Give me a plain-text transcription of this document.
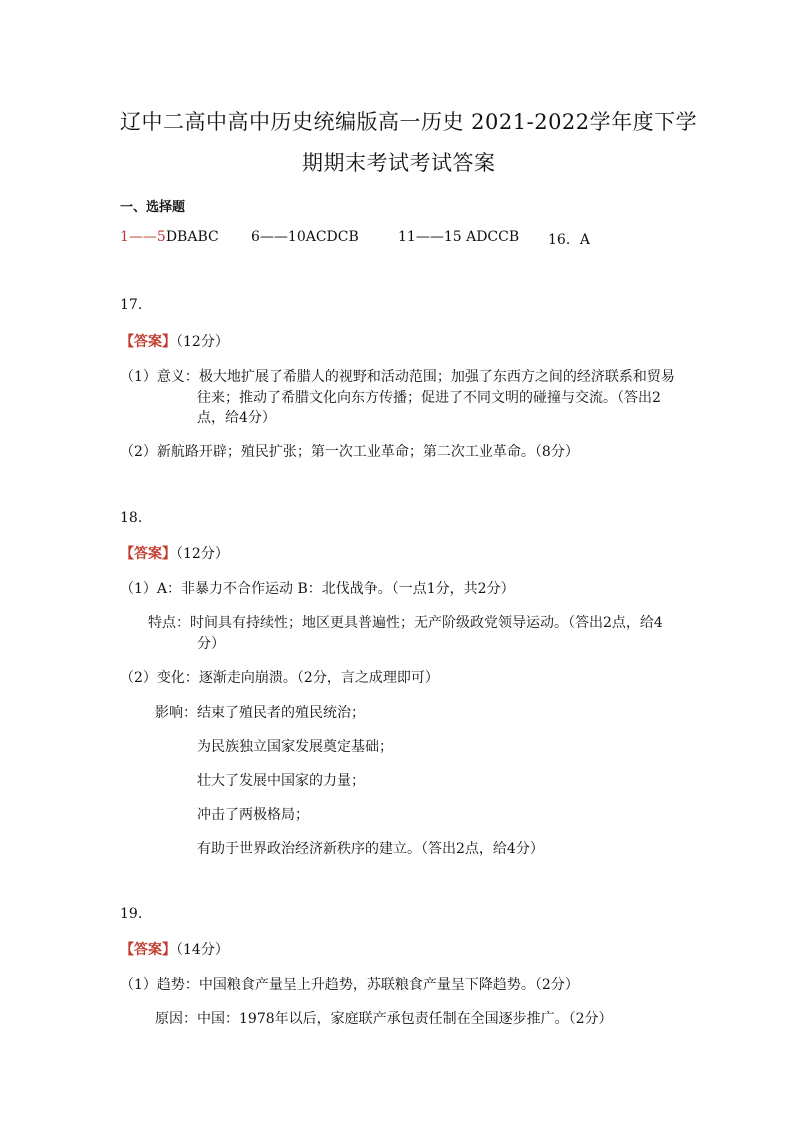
辽中二高中高中历史统编版高一历史 2021-2022学年度下学
期期末考试考试答案
一、选择题
1——5DBABC 6——10ACDCB	11——15 ADCCB 16．A
17.
【答案】（12分）
（1）意义：极大地扩展了希腊人的视野和活动范围；加强了东西方之间的经济联系和贸易
往来；推动了希腊文化向东方传播；促进了不同文明的碰撞与交流。（答出2
点，给4分）
（2）新航路开辟；殖民扩张；第一次工业革命；第二次工业革命。（8分）
18.
【答案】（12分）
（1）A：非暴力不合作运动 B：北伐战争。（一点1分，共2分）
特点：时间具有持续性；地区更具普遍性；无产阶级政党领导运动。（答出2点，给4
分）
（2）变化：逐渐走向崩溃。（2分，言之成理即可）
影响：结束了殖民者的殖民统治；
为民族独立国家发展奠定基础；
壮大了发展中国家的力量；
冲击了两极格局；
有助于世界政治经济新秩序的建立。（答出2点，给4分）
19.
【答案】（14分）
（1）趋势：中国粮食产量呈上升趋势，苏联粮食产量呈下降趋势。（2分）
原因：中国：1978年以后，家庭联产承包责任制在全国逐步推广。（2分）
